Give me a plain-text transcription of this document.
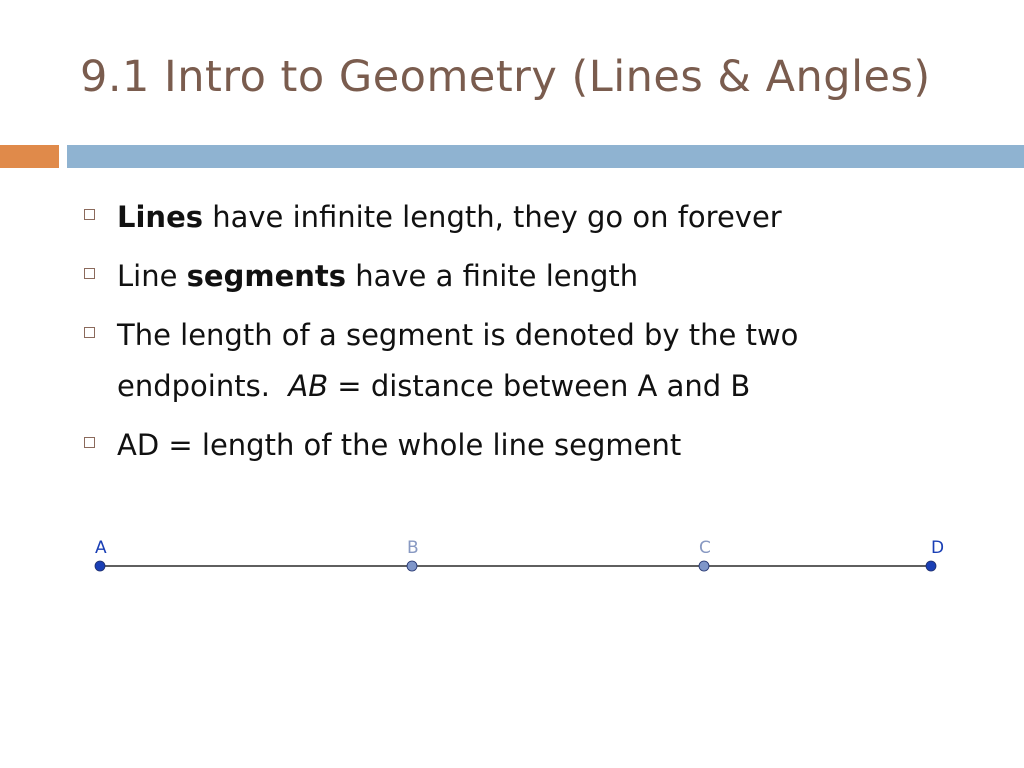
9.1 Intro to Geometry (Lines & Angles)
Lines have infinite length, they go on forever
Line segments have a finite length
The length of a segment is denoted by the two
endpoints.  AB = distance between A and B
AD = length of the whole line segment
A	B	C	D
